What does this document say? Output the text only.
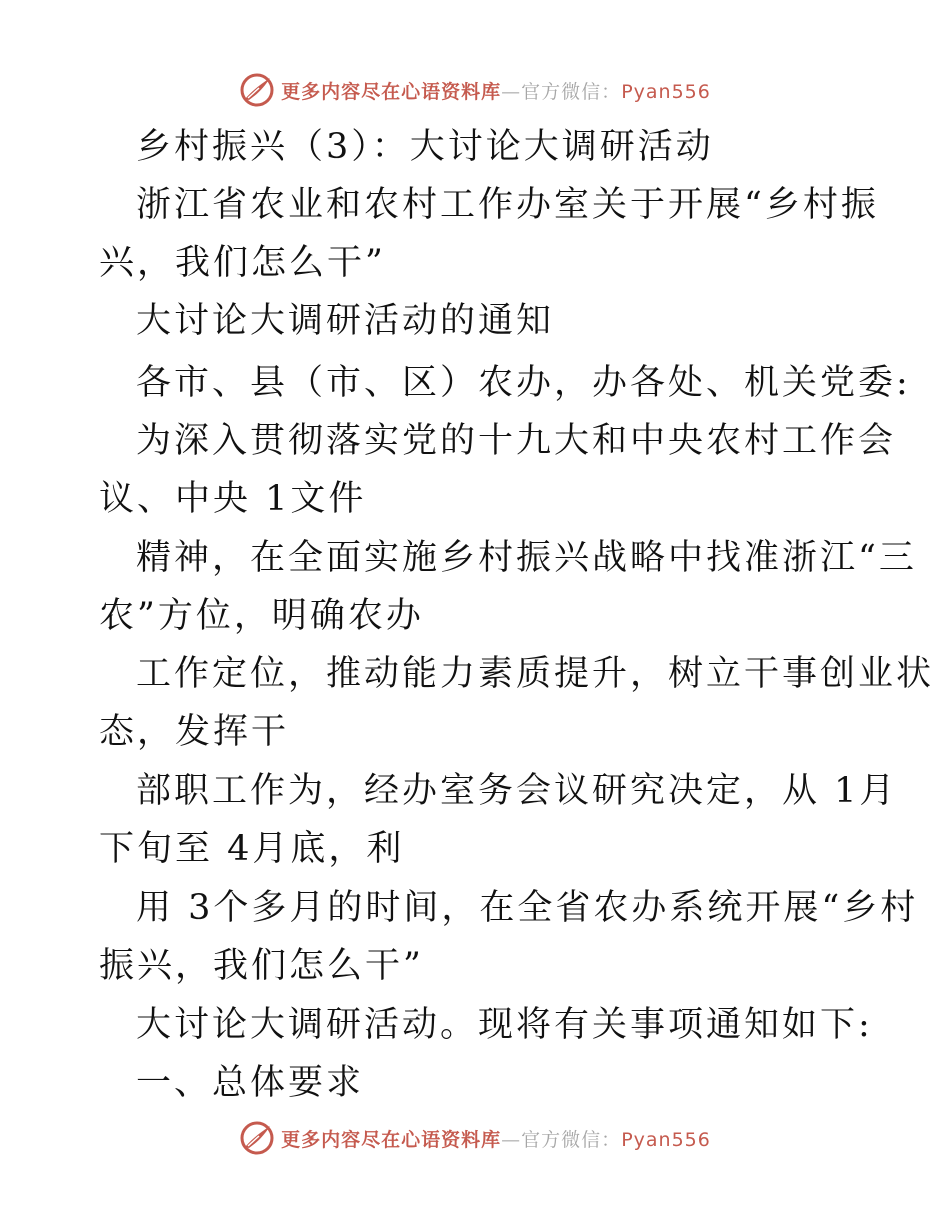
更多内容尽在心语资料库—官方微信：Pyan556
乡村振兴（3）：大讨论大调研活动
浙江省农业和农村工作办室关于开展“乡村振
兴，我们怎么干”
大讨论大调研活动的通知
各市、县（市、区）农办，办各处、机关党委:
为深入贯彻落实党的十九大和中央农村工作会
议、中央 1文件
精神，在全面实施乡村振兴战略中找准浙江“三
农”方位，明确农办
工作定位，推动能力素质提升，树立干事创业状
态，发挥干
部职工作为，经办室务会议研究决定，从 1月
下旬至 4月底，利
用 3个多月的时间，在全省农办系统开展“乡村
振兴，我们怎么干”
大讨论大调研活动。现将有关事项通知如下:
一、总体要求
更多内容尽在心语资料库—官方微信：Pyan556
